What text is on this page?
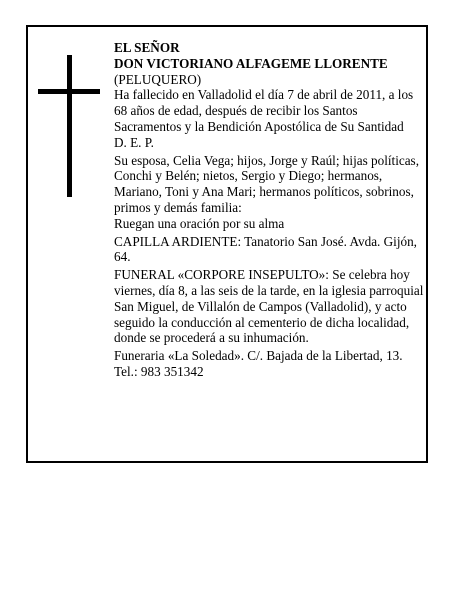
EL SEÑOR

DON VICTORIANO ALFAGEME LLORENTE

(PELUQUERO)

Ha fallecido en Valladolid el día 7 de abril de 2011, a los 68 años de edad, después de recibir los Santos Sacramentos y la Bendición Apostólica de Su Santidad

D. E. P.

Su esposa, Celia Vega; hijos, Jorge y Raúl; hijas políticas, Conchi y Belén; nietos, Sergio y Diego; hermanos, Mariano, Toni y Ana Mari; hermanos políticos, sobrinos, primos y demás familia:

Ruegan una oración por su alma

CAPILLA ARDIENTE: Tanatorio San José. Avda. Gijón, 64.

FUNERAL «CORPORE INSEPULTO»: Se celebra hoy viernes, día 8, a las seis de la tarde, en la iglesia parroquial San Miguel, de Villalón de Campos (Valladolid), y acto seguido la conducción al cementerio de dicha localidad, donde se procederá a su inhumación.

Funeraria «La Soledad». C/. Bajada de la Libertad, 13. Tel.: 983 351342
